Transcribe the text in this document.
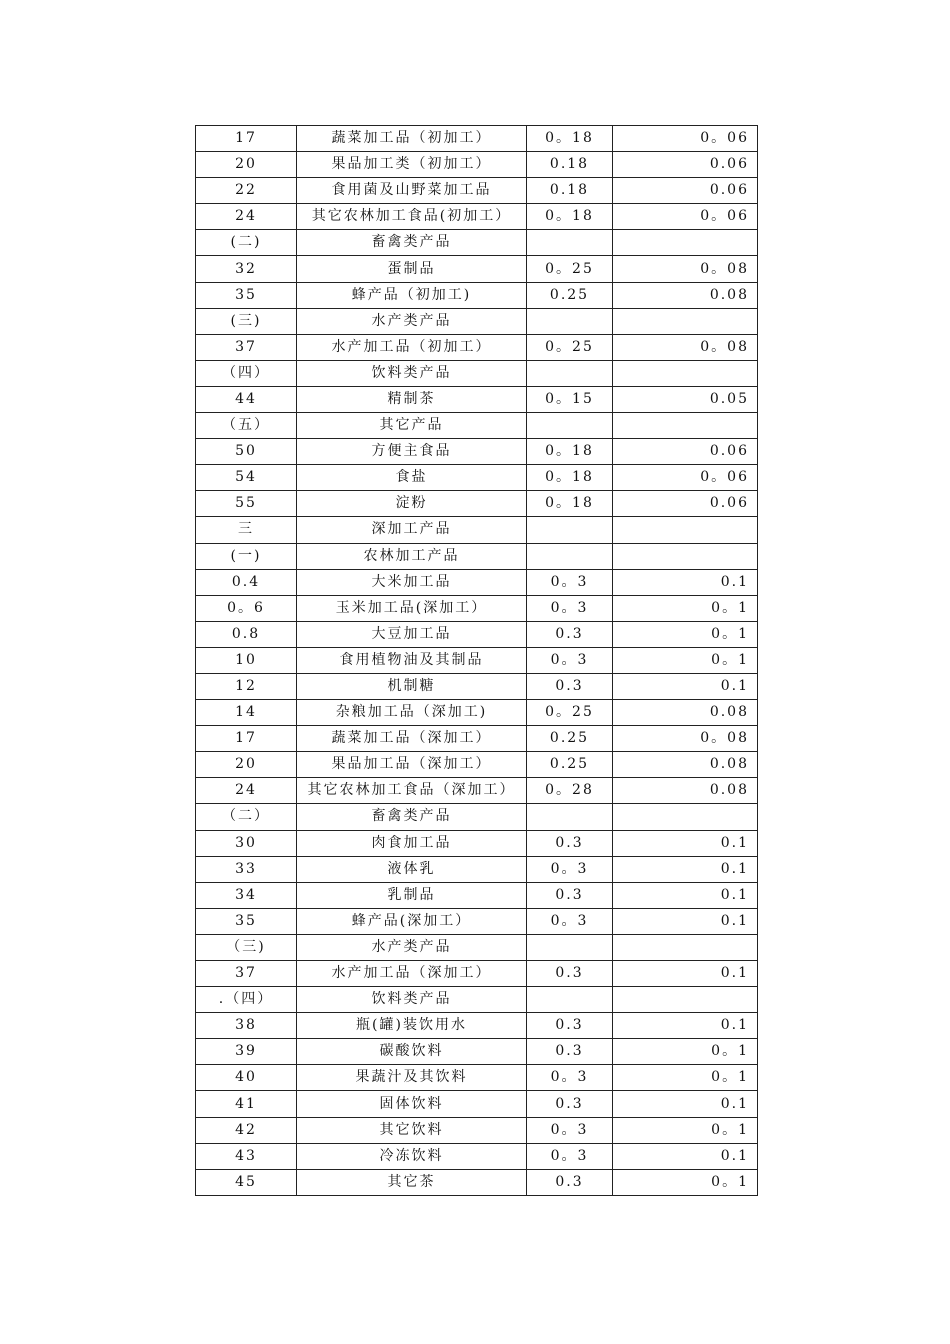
17	蔬菜加工品（初加工）	0。18	0。06
20	果品加工类（初加工）	0.18	0.06
22	食用菌及山野菜加工品	0.18	0.06
24	其它农林加工食品(初加工）	0。18	0。06
(二)	畜禽类产品		
32	蛋制品	0。25	0。08
35	蜂产品（初加工)	0.25	0.08
(三)	水产类产品		
37	水产加工品（初加工）	0。25	0。08
（四）	饮料类产品		
44	精制茶	0。15	0.05
（五）	其它产品		
50	方便主食品	0。18	0.06
54	食盐	0。18	0。06
55	淀粉	0。18	0.06
三	深加工产品		
(一)	农林加工产品		
0.4	大米加工品	0。3	0.1
0。6	玉米加工品(深加工）	0。3	0。1
0.8	大豆加工品	0.3	0。1
10	食用植物油及其制品	0。3	0。1
12	机制糖	0.3	0.1
14	杂粮加工品（深加工)	0。25	0.08
17	蔬菜加工品（深加工）	0.25	0。08
20	果品加工品（深加工）	0.25	0.08
24	其它农林加工食品（深加工）	0。28	0.08
（二）	畜禽类产品		
30	肉食加工品	0.3	0.1
33	液体乳	0。3	0.1
34	乳制品	0.3	0.1
35	蜂产品(深加工）	0。3	0.1
（三)	水产类产品		
37	水产加工品（深加工）	0.3	0.1
.（四）	饮料类产品		
38	瓶(罐)装饮用水	0.3	0.1
39	碳酸饮料	0.3	0。1
40	果蔬汁及其饮料	0。3	0。1
41	固体饮料	0.3	0.1
42	其它饮料	0。3	0。1
43	冷冻饮料	0。3	0.1
45	其它茶	0.3	0。1
